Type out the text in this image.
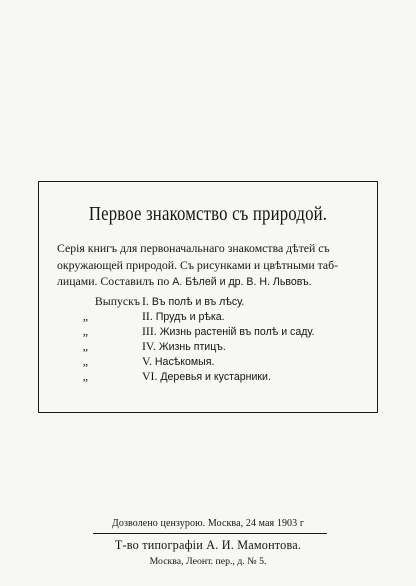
Первое знакомство съ природой.
Серія книгъ для первоначальнаго знакомства дѣтей съ
окружающей природой. Съ рисунками и цвѣтными таб-
лицами. Составилъ по А. Бѣлей и др. В. Н. Львовъ.
Выпускъ I. Въ полѣ и въ лѣсу.
„	II. Прудъ и рѣка.
„	III. Жизнь растеній въ полѣ и саду.
„	IV. Жизнь птицъ.
„	V. Насѣкомыя.
„	VI. Деревья и кустарники.
Дозволено цензурою. Москва, 24 мая 1903 г
Т-во типографіи А. И. Мамонтова.
Москва, Леонт. пер., д. № 5.
